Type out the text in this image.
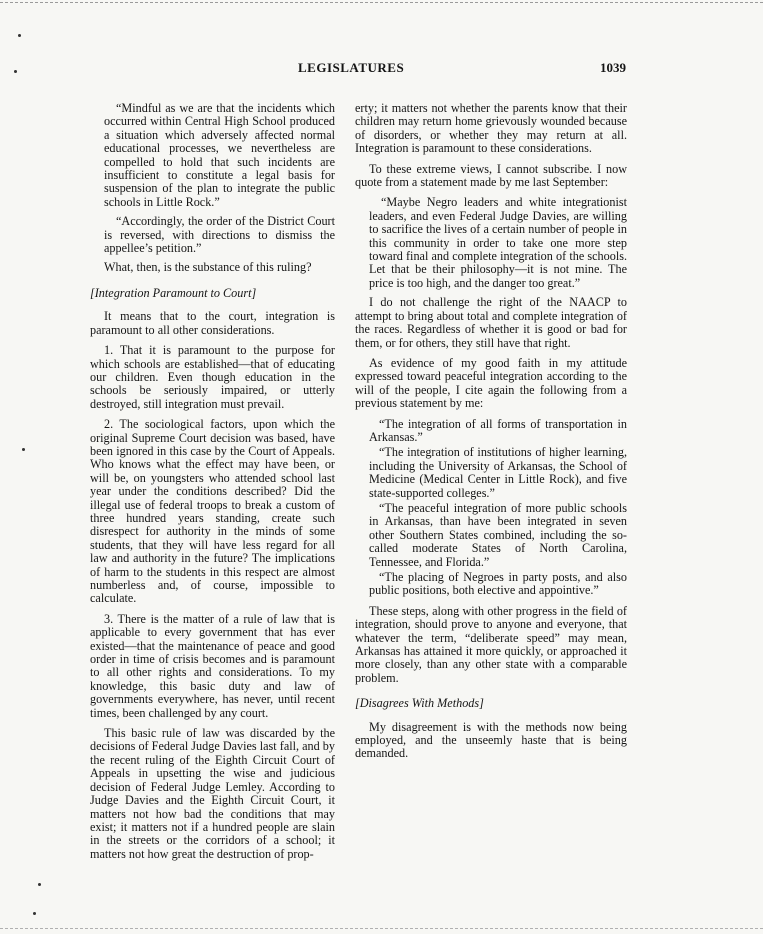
LEGISLATURES	1039

“Mindful as we are that the incidents which occurred within Central High School produced a situation which adversely affected normal educational processes, we nevertheless are compelled to hold that such incidents are insufficient to constitute a legal basis for suspension of the plan to integrate the public schools in Little Rock.”

“Accordingly, the order of the District Court is reversed, with directions to dismiss the appellee’s petition.”

What, then, is the substance of this ruling?

[Integration Paramount to Court]

It means that to the court, integration is paramount to all other considerations.

1. That it is paramount to the purpose for which schools are established—that of educating our children. Even though education in the schools be seriously impaired, or utterly destroyed, still integration must prevail.

2. The sociological factors, upon which the original Supreme Court decision was based, have been ignored in this case by the Court of Appeals. Who knows what the effect may have been, or will be, on youngsters who attended school last year under the conditions described? Did the illegal use of federal troops to break a custom of three hundred years standing, create such disrespect for authority in the minds of some students, that they will have less regard for all law and authority in the future? The implications of harm to the students in this respect are almost numberless and, of course, impossible to calculate.

3. There is the matter of a rule of law that is applicable to every government that has ever existed—that the maintenance of peace and good order in time of crisis becomes and is paramount to all other rights and considerations. To my knowledge, this basic duty and law of governments everywhere, has never, until recent times, been challenged by any court.

This basic rule of law was discarded by the decisions of Federal Judge Davies last fall, and by the recent ruling of the Eighth Circuit Court of Appeals in upsetting the wise and judicious decision of Federal Judge Lemley. According to Judge Davies and the Eighth Circuit Court, it matters not how bad the conditions that may exist; it matters not if a hundred people are slain in the streets or the corridors of a school; it matters not how great the destruction of prop-

erty; it matters not whether the parents know that their children may return home grievously wounded because of disorders, or whether they may return at all. Integration is paramount to these considerations.

To these extreme views, I cannot subscribe. I now quote from a statement made by me last September:

“Maybe Negro leaders and white integrationist leaders, and even Federal Judge Davies, are willing to sacrifice the lives of a certain number of people in this community in order to take one more step toward final and complete integration of the schools. Let that be their philosophy—it is not mine. The price is too high, and the danger too great.”

I do not challenge the right of the NAACP to attempt to bring about total and complete integration of the races. Regardless of whether it is good or bad for them, or for others, they still have that right.

As evidence of my good faith in my attitude expressed toward peaceful integration according to the will of the people, I cite again the following from a previous statement by me:

“The integration of all forms of transportation in Arkansas.”

“The integration of institutions of higher learning, including the University of Arkansas, the School of Medicine (Medical Center in Little Rock), and five state-supported colleges.”

“The peaceful integration of more public schools in Arkansas, than have been integrated in seven other Southern States combined, including the so-called moderate States of North Carolina, Tennessee, and Florida.”

“The placing of Negroes in party posts, and also public positions, both elective and appointive.”

These steps, along with other progress in the field of integration, should prove to anyone and everyone, that whatever the term, “deliberate speed” may mean, Arkansas has attained it more quickly, or approached it more closely, than any other state with a comparable problem.

[Disagrees With Methods]

My disagreement is with the methods now being employed, and the unseemly haste that is being demanded.
